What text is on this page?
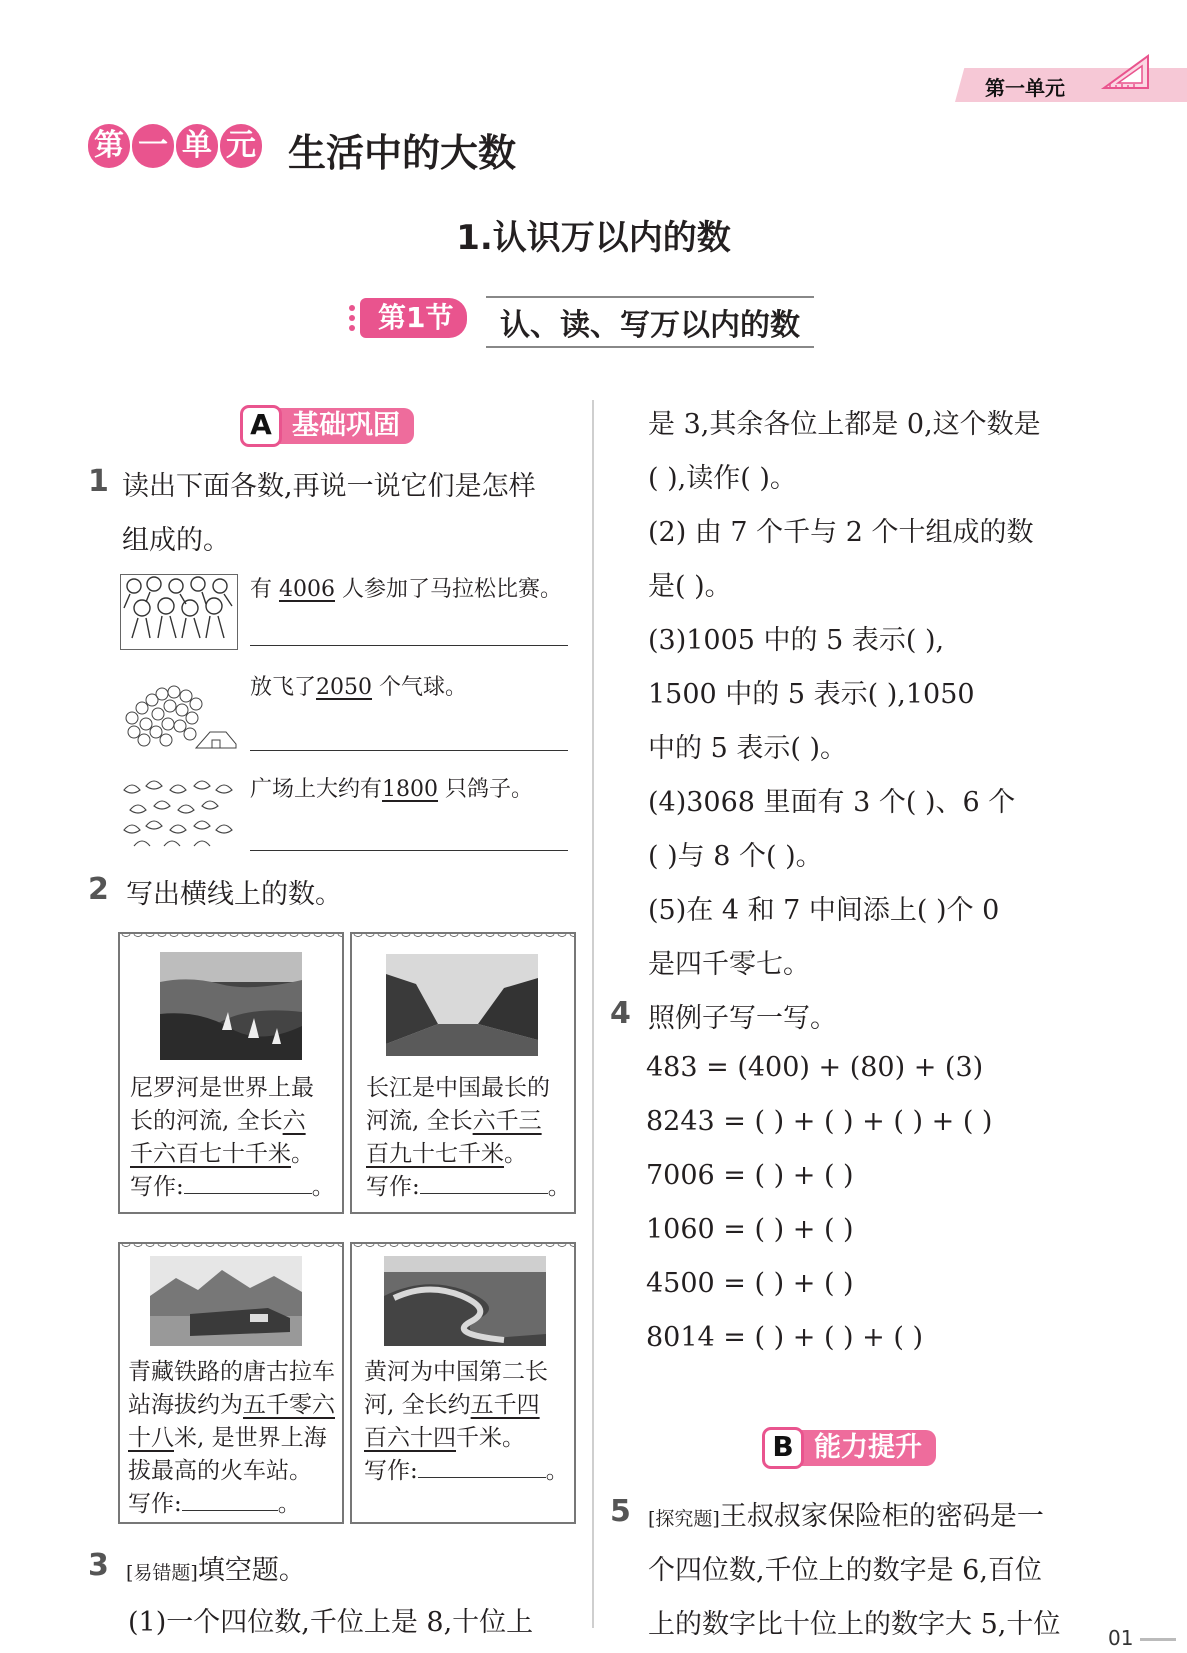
第一单元
第 一 单 元 生活中的大数
1.认识万以内的数
第1节	认、读、写万以内的数
A 基础巩固
1 读出下面各数,再说一说它们是怎样
组成的。
有 4006 人参加了马拉松比赛。
放飞了2050 个气球。
广场上大约有1800 只鸽子。
2 写出横线上的数。
尼罗河是世界上最
长的河流, 全长六
千六百七十千米。
写作:	。
长江是中国最长的
河流, 全长六千三
百九十七千米。
写作:	。
青藏铁路的唐古拉车
站海拔约为五千零六
十八米, 是世界上海
拔最高的火车站。
写作:	。
黄河为中国第二长
河, 全长约五千四
百六十四千米。
写作:	。
3 [易错题]填空题。
(1)一个四位数,千位上是 8,十位上
是 3,其余各位上都是 0,这个数是
( ),读作( )。
(2) 由 7 个千与 2 个十组成的数
是( )。
(3)1005 中的 5 表示( ),
1500 中的 5 表示( ),1050
中的 5 表示( )。
(4)3068 里面有 3 个( )、6 个
( )与 8 个( )。
(5)在 4 和 7 中间添上( )个 0
是四千零七。
4 照例子写一写。
483 = (400) + (80) + (3)
8243 = ( ) + ( ) + ( ) + ( )
7006 = ( ) + ( )
1060 = ( ) + ( )
4500 = ( ) + ( )
8014 = ( ) + ( ) + ( )
B 能力提升
5 [探究题]王叔叔家保险柜的密码是一
个四位数,千位上的数字是 6,百位
上的数字比十位上的数字大 5,十位 01
